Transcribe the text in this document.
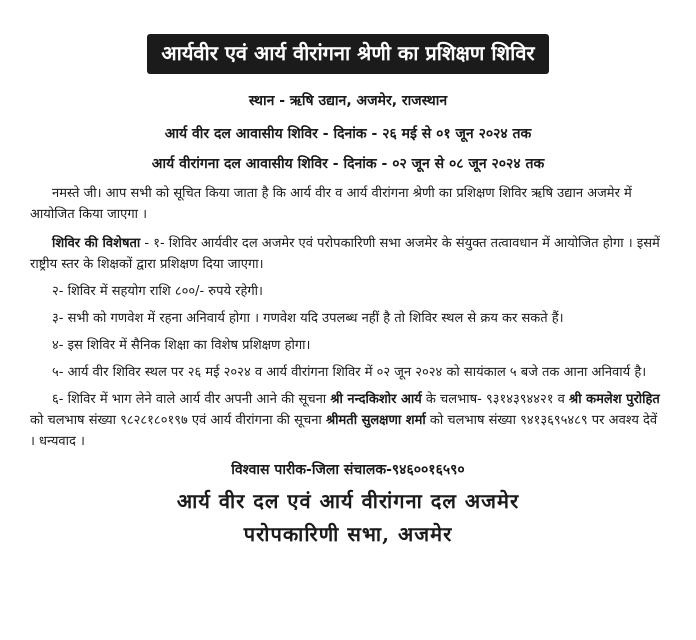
आर्यवीर एवं आर्य वीरांगना श्रेणी का प्रशिक्षण शिविर
स्थान - ऋषि उद्यान, अजमेर, राजस्थान
आर्य वीर दल आवासीय शिविर - दिनांक - २६ मई से ०१ जून २०२४ तक
आर्य वीरांगना दल आवासीय शिविर - दिनांक - ०२ जून से ०८ जून २०२४ तक

नमस्ते जी। आप सभी को सूचित किया जाता है कि आर्य वीर व आर्य वीरांगना श्रेणी का प्रशिक्षण शिविर ऋषि उद्यान अजमेर में आयोजित किया जाएगा ।

शिविर की विशेषता - १- शिविर आर्यवीर दल अजमेर एवं परोपकारिणी सभा अजमेर के संयुक्त तत्वावधान में आयोजित होगा । इसमें राष्ट्रीय स्तर के शिक्षकों द्वारा प्रशिक्षण दिया जाएगा।

२- शिविर में सहयोग राशि ८००/- रुपये रहेगी।

३- सभी को गणवेश में रहना अनिवार्य होगा । गणवेश यदि उपलब्ध नहीं है तो शिविर स्थल से क्रय कर सकते हैं।

४- इस शिविर में सैनिक शिक्षा का विशेष प्रशिक्षण होगा।

५- आर्य वीर शिविर स्थल पर २६ मई २०२४ व आर्य वीरांगना शिविर में ०२ जून २०२४ को सायंकाल ५ बजे तक आना अनिवार्य है।

६- शिविर में भाग लेने वाले आर्य वीर अपनी आने की सूचना श्री नन्दकिशोर आर्य के चलभाष- ९३१४३९४४२१ व श्री कमलेश पुरोहित को चलभाष संख्या ९८२८१८०१९७ एवं आर्य वीरांगना की सूचना श्रीमती सुलक्षणा शर्मा को चलभाष संख्या ९४१३६९५४८९ पर अवश्य देवें । धन्यवाद ।

विश्वास पारीक-जिला संचालक-९४६००१६५९०
आर्य वीर दल एवं आर्य वीरांगना दल अजमेर
परोपकारिणी सभा, अजमेर
